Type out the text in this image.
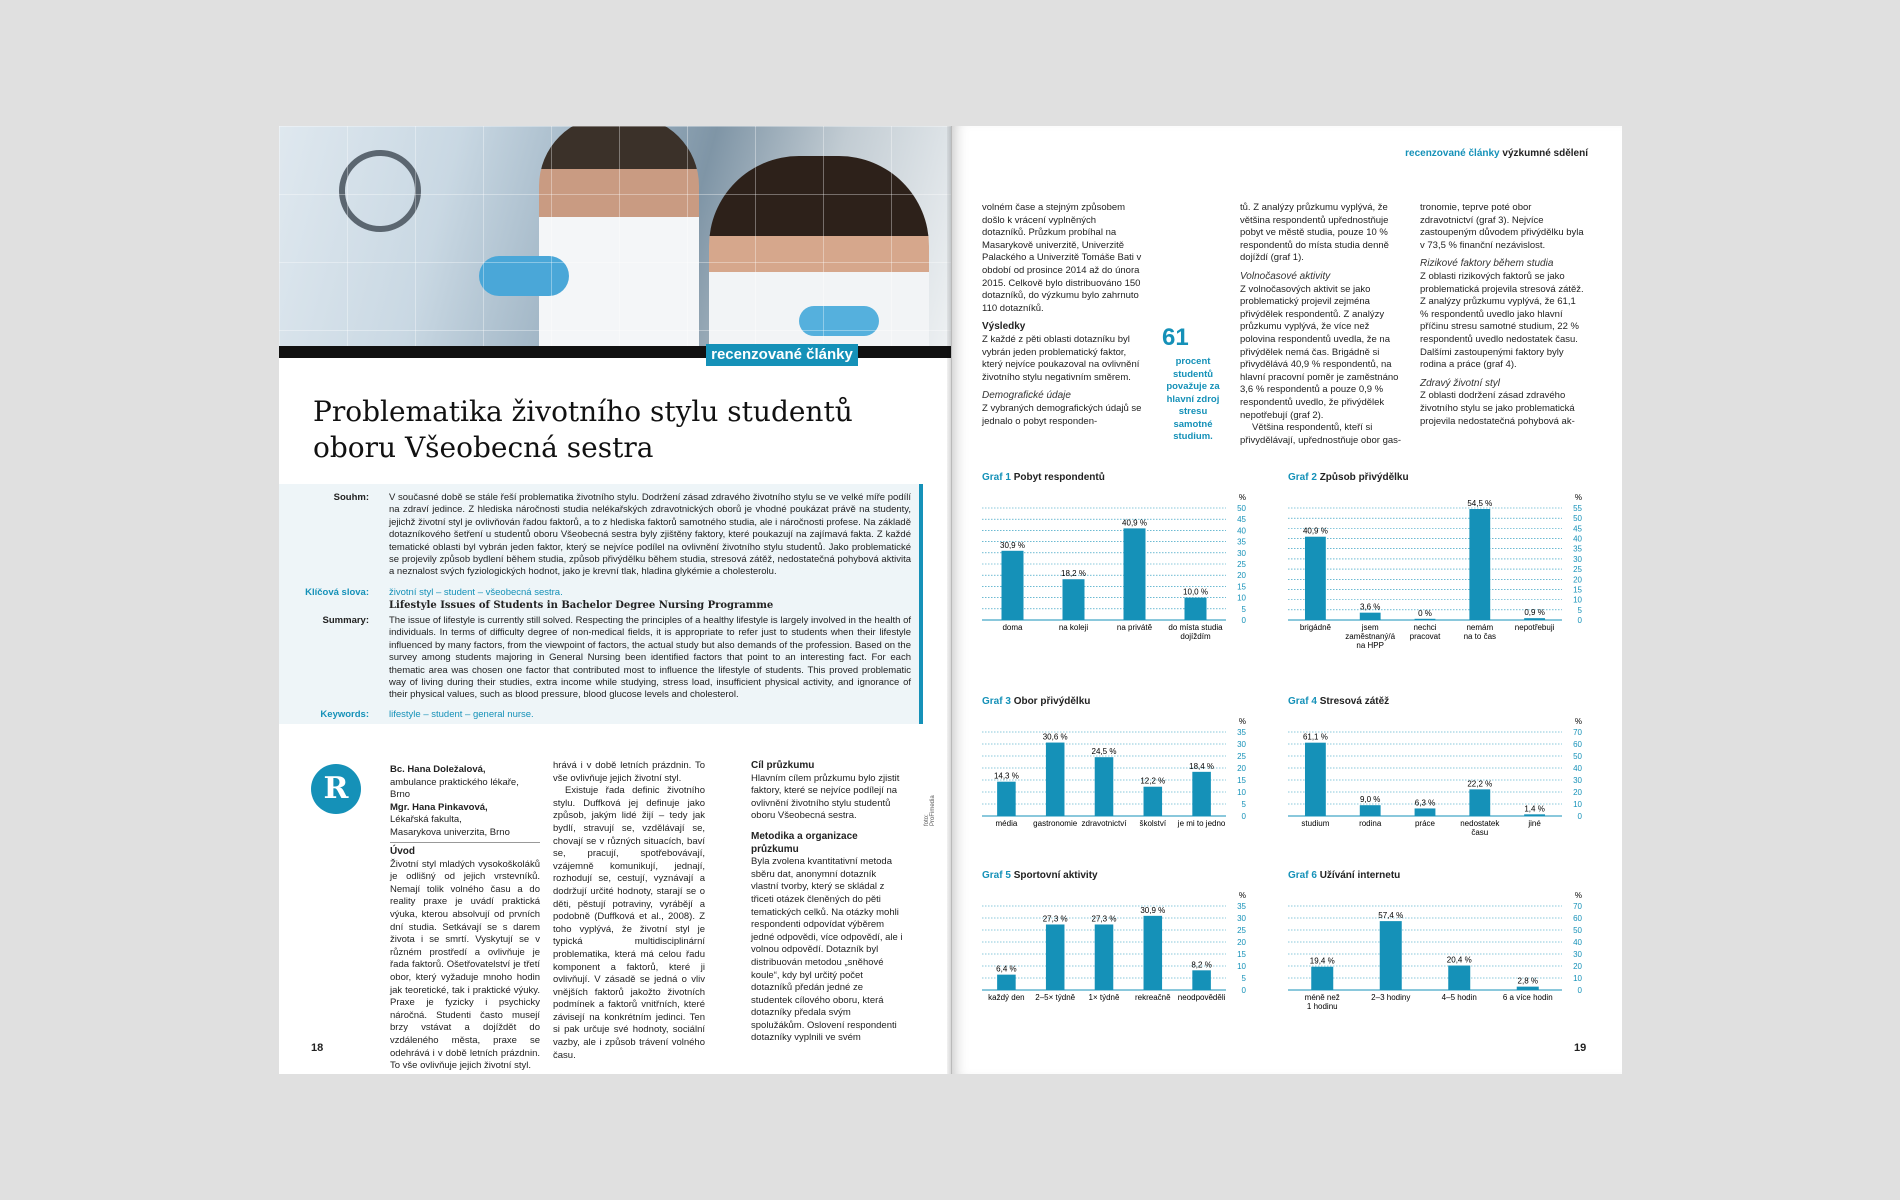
recenzované články
Problematika životního stylu studentů
oboru Všeobecná sestra
Souhm: V současné době se stále řeší problematika životního stylu. Dodržení zásad zdravého životního stylu se ve velké míře podílí na zdraví jedince. Z hlediska náročnosti studia nelékařských zdravotnických oborů je vhodné poukázat právě na studenty, jejichž životní styl je ovlivňován řadou faktorů, a to z hlediska faktorů samotného studia, ale i náročnosti profese. Na základě dotazníkového šetření u studentů oboru Všeobecná sestra byly zjištěny faktory, které poukazují na zajímavá fakta. Z každé tematické oblasti byl vybrán jeden faktor, který se nejvíce podílel na ovlivnění životního stylu studentů. Jako problematické se projevily způsob bydlení během studia, způsob přivýdělku během studia, stresová zátěž, nedostatečná pohybová aktivita a neznalost svých fyziologických hodnot, jako je krevní tlak, hladina glykémie a cholesterolu.
Klíčová slova: životní styl – student – všeobecná sestra.
Summary:
Lifestyle Issues of Students in Bachelor Degree Nursing Programme
The issue of lifestyle is currently still solved. Respecting the principles of a healthy lifestyle is largely involved in the health of individuals. In terms of difficulty degree of non-medical fields, it is appropriate to refer just to students when their lifestyle influenced by many factors, from the viewpoint of factors, the actual study but also demands of the profession. Based on the survey among students majoring in General Nursing been identified factors that point to an interesting fact. For each thematic area was chosen one factor that contributed most to influence the lifestyle of students. This proved problematic way of living during their studies, extra income while studying, stress load, insufficient physical activity, and ignorance of their physical values, such as blood pressure, blood glucose levels and cholesterol.
Keywords: lifestyle – student – general nurse.
R

Bc. Hana Doležalová,

ambulance praktického lékaře, Brno

Mgr. Hana Pinkavová,

Lékařská fakulta,

Masarykova univerzita, Brno

Úvod

Životní styl mladých vysokoškoláků je odlišný od jejich vrstevníků. Nemají tolik volného času a do reality praxe je uvádí praktická výuka, kterou absolvují od prvních dní studia. Setkávají se s darem života i se smrtí. Vyskytují se v různém prostředí a ovlivňuje je řada faktorů. Ošetřovatelství je třetí obor, který vyžaduje mnoho hodin jak teoretické, tak i praktické výuky. Praxe je fyzicky i psychicky náročná. Studenti často musejí brzy vstávat a dojíždět do vzdáleného města, praxe se odehrává i v době letních prázdnin. To vše ovlivňuje jejich životní styl.

hrává i v době letních prázdnin. To vše ovlivňuje jejich životní styl.

Existuje řada definic životního stylu. Duffková jej definuje jako způsob, jakým lidé žijí – tedy jak bydlí, stravují se, vzdělávají se, chovají se v různých situacích, baví se, pracují, spotřebovávají, vzájemně komunikují, jednají, rozhodují se, cestují, vyznávají a dodržují určité hodnoty, starají se o děti, pěstují potraviny, vyrábějí a podobně (Duffková et al., 2008). Z toho vyplývá, že životní styl je typická multidisciplinární problematika, která má celou řadu komponent a faktorů, které ji ovlivňují. V zásadě se jedná o vliv vnějších faktorů jakožto životních podmínek a faktorů vnitřních, které závisejí na konkrétním jedinci. Ten si pak určuje své hodnoty, sociální vazby, ale i způsob trávení volného času.

Cíl průzkumu

Hlavním cílem průzkumu bylo zjistit faktory, které se nejvíce podílejí na ovlivnění životního stylu studentů oboru Všeobecná sestra.

Metodika a organizace průzkumu

Byla zvolena kvantitativní metoda sběru dat, anonymní dotazník vlastní tvorby, který se skládal z třiceti otázek členěných do pěti tematických celků. Na otázky mohli respondenti odpovídat výběrem jedné odpovědi, více odpovědí, ale i volnou odpovědí. Dotazník byl distribuován metodou „sněhové koule“, kdy byl určitý počet dotazníků předán jedné ze studentek cílového oboru, která dotazníky předala svým spolužákům. Oslovení respondenti dotazníky vyplnili ve svém

foto: ProFimedia
18
recenzované články výzkumné sdělení

volném čase a stejným způsobem došlo k vrácení vyplněných dotazníků. Průzkum probíhal na Masarykově univerzitě, Univerzitě Palackého a Univerzitě Tomáše Bati v období od prosince 2014 až do února 2015. Celkově bylo distribuováno 150 dotazníků, do výzkumu bylo zahrnuto 110 dotazníků.

Výsledky

Z každé z pěti oblasti dotazníku byl vybrán jeden problematický faktor, který nejvíce poukazoval na ovlivnění životního stylu negativním směrem.

Demografické údaje

Z vybraných demografických údajů se jednalo o pobyt responden-

61
procent studentů považuje za hlavní zdroj stresu samotné studium.

tů. Z analýzy průzkumu vyplývá, že většina respondentů upřednostňuje pobyt ve městě studia, pouze 10 % respondentů do místa studia denně dojíždí (graf 1).

Volnočasové aktivity

Z volnočasových aktivit se jako problematický projevil zejména přivýdělek respondentů. Z analýzy průzkumu vyplývá, že více než polovina respondentů uvedla, že na přivýdělek nemá čas. Brigádně si přivydělává 40,9 % respondentů, na hlavní pracovní poměr je zaměstnáno 3,6 % respondentů a pouze 0,9 % respondentů uvedlo, že přivýdělek nepotřebují (graf 2).

Většina respondentů, kteří si přivydělávají, upřednostňuje obor gas-

tronomie, teprve poté obor zdravotnictví (graf 3). Nejvíce zastoupeným důvodem přivýdělku byla v 73,5 % finanční nezávislost.

Rizikové faktory během studia

Z oblasti rizikových faktorů se jako problematická projevila stresová zátěž. Z analýzy průzkumu vyplývá, že 61,1 % respondentů uvedlo jako hlavní příčinu stresu samotné studium, 22 % respondentů uvedlo nedostatek času. Dalšími zastoupenými faktory byly rodina a práce (graf 4).

Zdravý životní styl

Z oblasti dodržení zásad zdravého životního stylu se jako problematická projevila nedostatečná pohybová ak-

Graf 1 Pobyt respondentů
%
0
5
10
15
20
25
30
35
40
45
50
30,9 %
doma
18,2 %
na koleji
40,9 %
na privátě
10,0 %
do místa studia
dojíždím
Graf 2 Způsob přivýdělku
%
0
5
10
15
20
25
30
35
40
45
50
55
40,9 %
brigádně
3,6 %
jsem
zaměstnaný/á
na HPP
0 %
nechci
pracovat
54,5 %
nemám
na to čas
0,9 %
nepotřebuji
Graf 3 Obor přivýdělku
%
0
5
10
15
20
25
30
35
14,3 %
média
30,6 %
gastronomie
24,5 %
zdravotnictví
12,2 %
školství
18,4 %
je mi to jedno
Graf 4 Stresová zátěž
%
0
10
20
30
40
50
60
70
61,1 %
studium
9,0 %
rodina
6,3 %
práce
22,2 %
nedostatek
času
1,4 %
jiné
Graf 5 Sportovní aktivity
%
0
5
10
15
20
25
30
35
6,4 %
každý den
27,3 %
2–5× týdně
27,3 %
1× týdně
30,9 %
rekreačně
8,2 %
neodpověděli
Graf 6 Užívání internetu
%
0
10
20
30
40
50
60
70
19,4 %
méně než
1 hodinu
57,4 %
2–3 hodiny
20,4 %
4–5 hodin
2,8 %
6 a více hodin
19
